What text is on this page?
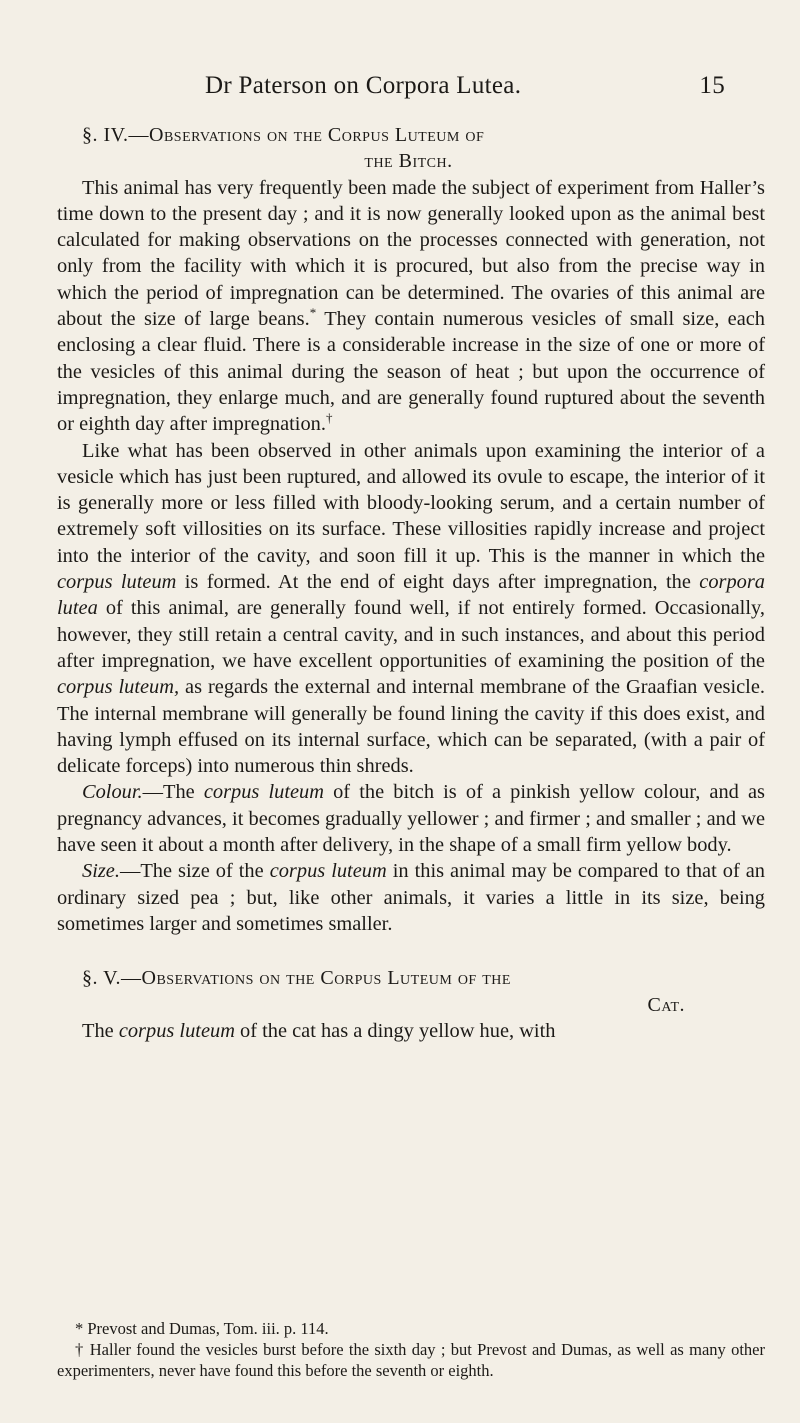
Dr Paterson on Corpora Lutea.	15
§. IV.—Observations on the Corpus Luteum of
the Bitch.

This animal has very frequently been made the subject of experiment from Haller’s time down to the present day ; and it is now generally looked upon as the animal best calculated for making observations on the processes connected with generation, not only from the facility with which it is procured, but also from the precise way in which the period of impregnation can be determined. The ovaries of this animal are about the size of large beans.* They contain numerous vesicles of small size, each enclosing a clear fluid. There is a considerable increase in the size of one or more of the vesicles of this animal during the season of heat ; but upon the occurrence of impregnation, they enlarge much, and are generally found ruptured about the seventh or eighth day after impregnation.†

Like what has been observed in other animals upon examining the interior of a vesicle which has just been ruptured, and allowed its ovule to escape, the interior of it is generally more or less filled with bloody-looking serum, and a certain number of extremely soft villosities on its surface. These villosities rapidly increase and project into the interior of the cavity, and soon fill it up. This is the manner in which the corpus luteum is formed. At the end of eight days after impregnation, the corpora lutea of this animal, are generally found well, if not entirely formed. Occasionally, however, they still retain a central cavity, and in such instances, and about this period after impregnation, we have excellent opportunities of examining the position of the corpus luteum, as regards the external and internal membrane of the Graafian vesicle. The internal membrane will generally be found lining the cavity if this does exist, and having lymph effused on its internal surface, which can be separated, (with a pair of delicate forceps) into numerous thin shreds.

Colour.—The corpus luteum of the bitch is of a pinkish yellow colour, and as pregnancy advances, it becomes gradually yellower ; and firmer ; and smaller ; and we have seen it about a month after delivery, in the shape of a small firm yellow body.

Size.—The size of the corpus luteum in this animal may be compared to that of an ordinary sized pea ; but, like other animals, it varies a little in its size, being sometimes larger and sometimes smaller.

§. V.—Observations on the Corpus Luteum of the
Cat.

The corpus luteum of the cat has a dingy yellow hue, with

* Prevost and Dumas, Tom. iii. p. 114.

† Haller found the vesicles burst before the sixth day ; but Prevost and Dumas, as well as many other experimenters, never have found this before the seventh or eighth.
